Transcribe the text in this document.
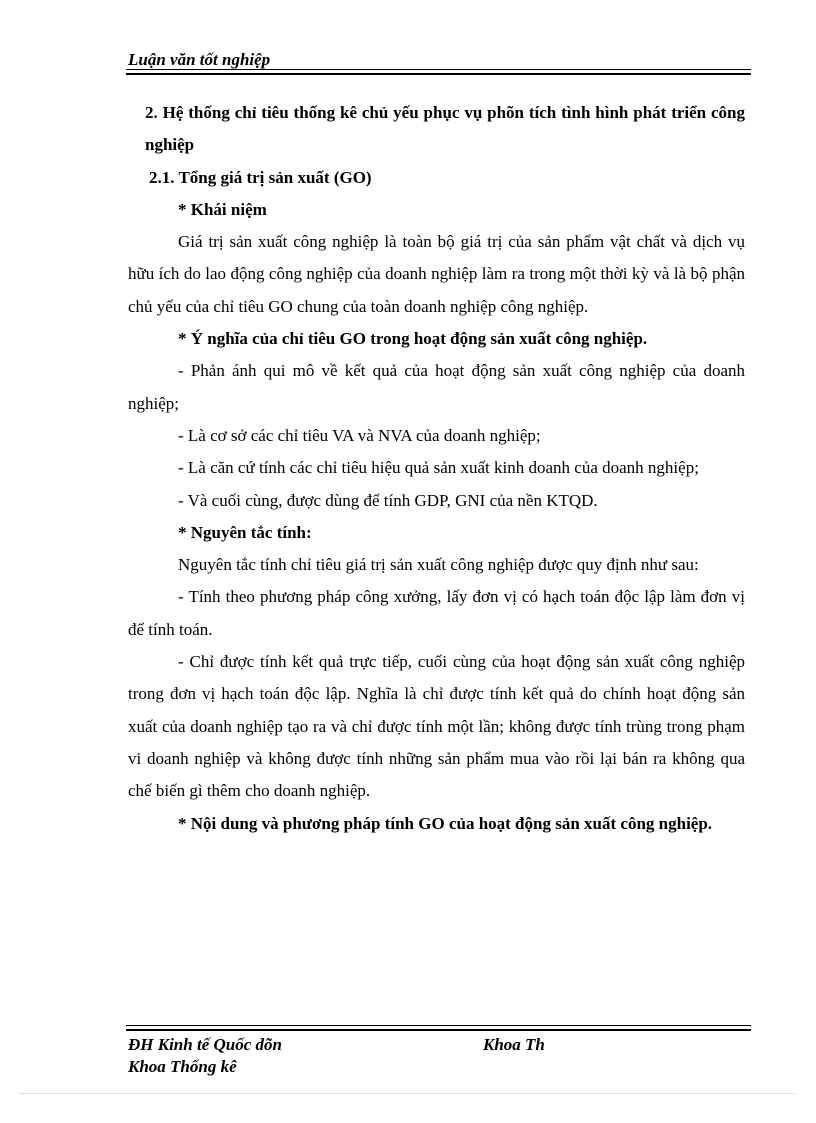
Luận văn tốt nghiệp

2. Hệ thống chỉ tiêu thống kê chủ yếu phục vụ phõn tích tình hình phát triển công nghiệp

2.1. Tổng giá trị sản xuất (GO)

* Khái niệm

Giá trị sản xuất công nghiệp là toàn bộ giá trị của sản phẩm vật chất và dịch vụ hữu ích do lao động công nghiệp của doanh nghiệp làm ra trong một thời kỳ và là bộ phận chủ yếu của chỉ tiêu GO chung của toàn doanh nghiệp công nghiệp.

* Ý nghĩa của chỉ tiêu GO trong hoạt động sản xuất công nghiệp.

- Phản ánh qui mô về kết quả của hoạt động sản xuất công nghiệp của doanh nghiệp;

- Là cơ sở các chỉ tiêu VA và NVA của doanh nghiệp;

- Là căn cứ tính các chỉ tiêu hiệu quả sản xuất kinh doanh của doanh nghiệp;

- Và cuối cùng, được dùng để tính GDP, GNI của nền KTQD.

* Nguyên tắc tính:

Nguyên tắc tính chỉ tiêu giá trị sản xuất công nghiệp được quy định như sau:

- Tính theo phương pháp công xưởng, lấy đơn vị có hạch toán độc lập làm đơn vị để tính toán.

- Chỉ được tính kết quả trực tiếp, cuối cùng của hoạt động sản xuất công nghiệp trong đơn vị hạch toán độc lập. Nghĩa là chỉ được tính kết quả do chính hoạt động sản xuất của doanh nghiệp tạo ra và chỉ được tính một lần; không được tính trùng trong phạm vi doanh nghiệp và không được tính những sản phẩm mua vào rồi lại bán ra không qua chế biến gì thêm cho doanh nghiệp.

* Nội dung và phương pháp tính GO của hoạt động sản xuất công nghiệp.

ĐH Kinh tế Quốc dõn
Khoa Thống kê
Khoa Th
